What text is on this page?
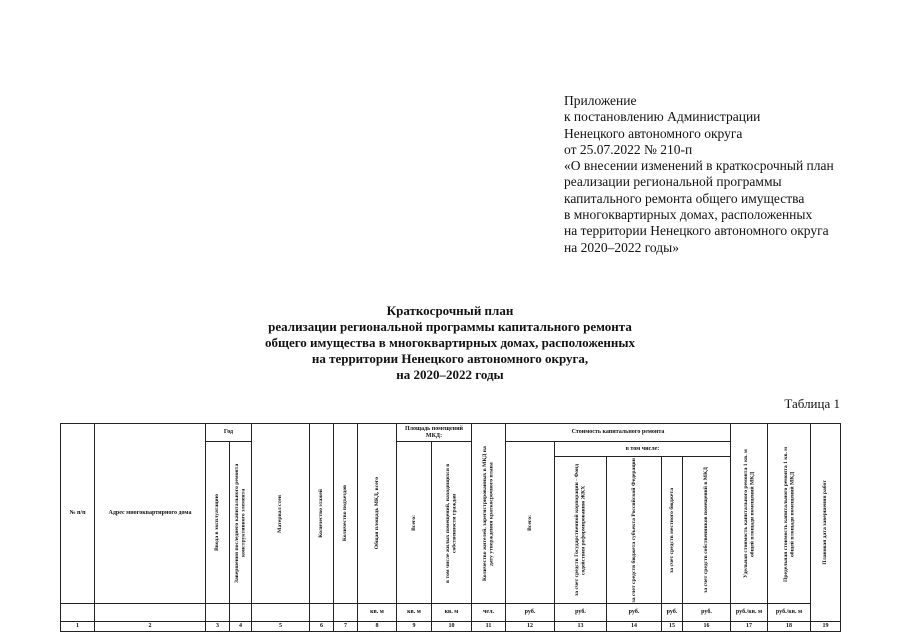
Приложение
к постановлению Администрации
Ненецкого автономного округа
от 25.07.2022 № 210-п
«О внесении изменений в краткосрочный план
реализации региональной программы
капитального ремонта общего имущества
в многоквартирных домах, расположенных
на территории Ненецкого автономного округа
на 2020–2022 годы»
Краткосрочный план
реализации региональной программы капитального ремонта
общего имущества в многоквартирных домах, расположенных
на территории Ненецкого автономного округа,
на 2020–2022 годы
Таблица 1
№ п/п	Адрес многоквартирного дома	Год		Материал стен	Количество этажей	Количество подъездов	Общая площадь МКД, всего	Площадь помещений МКД:		Количество жителей, зарегистрированных в МКД на дату утверждения краткосрочного плана	Стоимость капитального ремонта					Удельная стоимость капитального ремонта 1 кв. м общей площади помещений МКД	Предельная стоимость капитального ремонта 1 кв. м общей площади помещений МКД	Плановая дата завершения работ

		Ввода в эксплуатацию	Завершения последнего капитального ремонта конструктивного элемента					Всего:	в том числе жилых помещений, находящихся в собственности граждан		Всего:	в том числе:						

												за счет средств Государственной корпорации - Фонд содействия реформированию ЖКХ	за счет средств бюджета субъекта Российской Федерации	за счет средств местного бюджета	за счет средств собственников помещений в МКД			

							кв. м	кв. м	кв. м	чел.	руб.	руб.	руб.	руб.	руб.	руб./кв. м	руб./кв. м	
1	2	3	4	5	6	7	8	9	10	11	12	13	14	15	16	17	18	19
